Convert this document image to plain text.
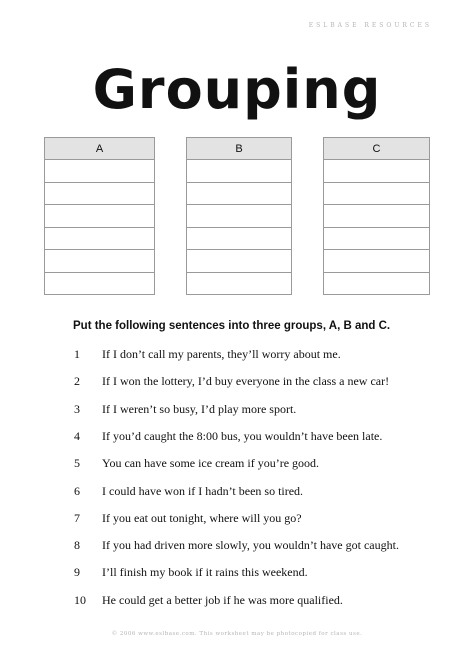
ESLBASE RESOURCES
Grouping
A	B	C

Put the following sentences into three groups, A, B and C.

1 If I don’t call my parents, they’ll worry about me.
2 If I won the lottery, I’d buy everyone in the class a new car!
3 If I weren’t so busy, I’d play more sport.
4 If you’d caught the 8:00 bus, you wouldn’t have been late.
5 You can have some ice cream if you’re good.
6 I could have won if I hadn’t been so tired.
7 If you eat out tonight, where will you go?
8 If you had driven more slowly, you wouldn’t have got caught.
9 I’ll finish my book if it rains this weekend.
10 He could get a better job if he was more qualified.
© 2006 www.eslbase.com. This worksheet may be photocopied for class use.
